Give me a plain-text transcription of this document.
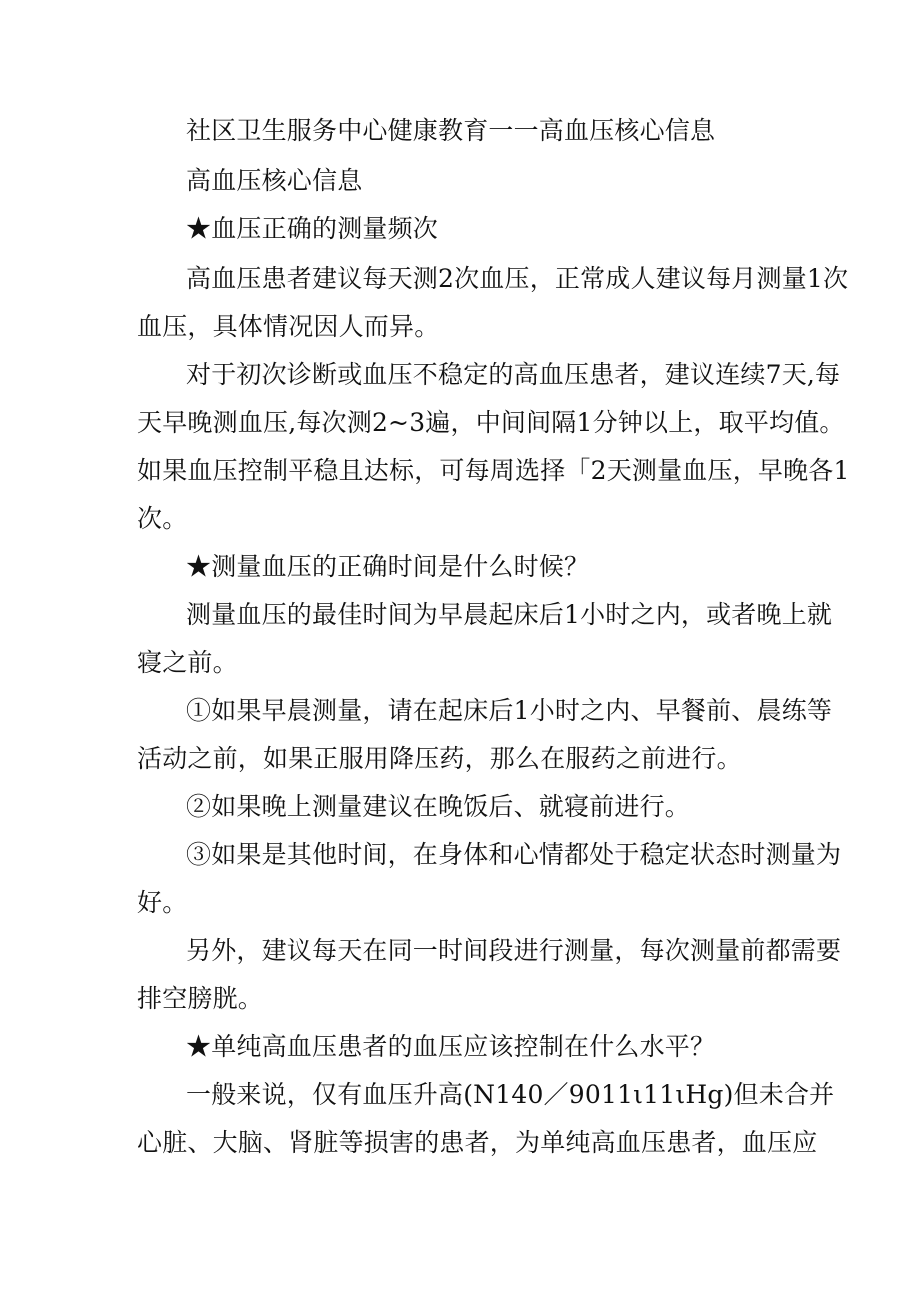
社区卫生服务中心健康教育一一高血压核心信息
高血压核心信息
★血压正确的测量频次
高血压患者建议每天测2次血压，正常成人建议每月测量1次
血压，具体情况因人而异。
对于初次诊断或血压不稳定的高血压患者，建议连续7天,每
天早晚测血压,每次测2~3遍，中间间隔1分钟以上，取平均值。
如果血压控制平稳且达标，可每周选择「2天测量血压，早晚各1
次。
★测量血压的正确时间是什么时候？
测量血压的最佳时间为早晨起床后1小时之内，或者晚上就
寝之前。
①如果早晨测量，请在起床后1小时之内、早餐前、晨练等
活动之前，如果正服用降压药，那么在服药之前进行。
②如果晚上测量建议在晚饭后、就寝前进行。
③如果是其他时间，在身体和心情都处于稳定状态时测量为
好。
另外，建议每天在同一时间段进行测量，每次测量前都需要
排空膀胱。
★单纯高血压患者的血压应该控制在什么水平？
一般来说，仅有血压升高(N140／9011ι11ιHg)但未合并
心脏、大脑、肾脏等损害的患者，为单纯高血压患者，血压应
